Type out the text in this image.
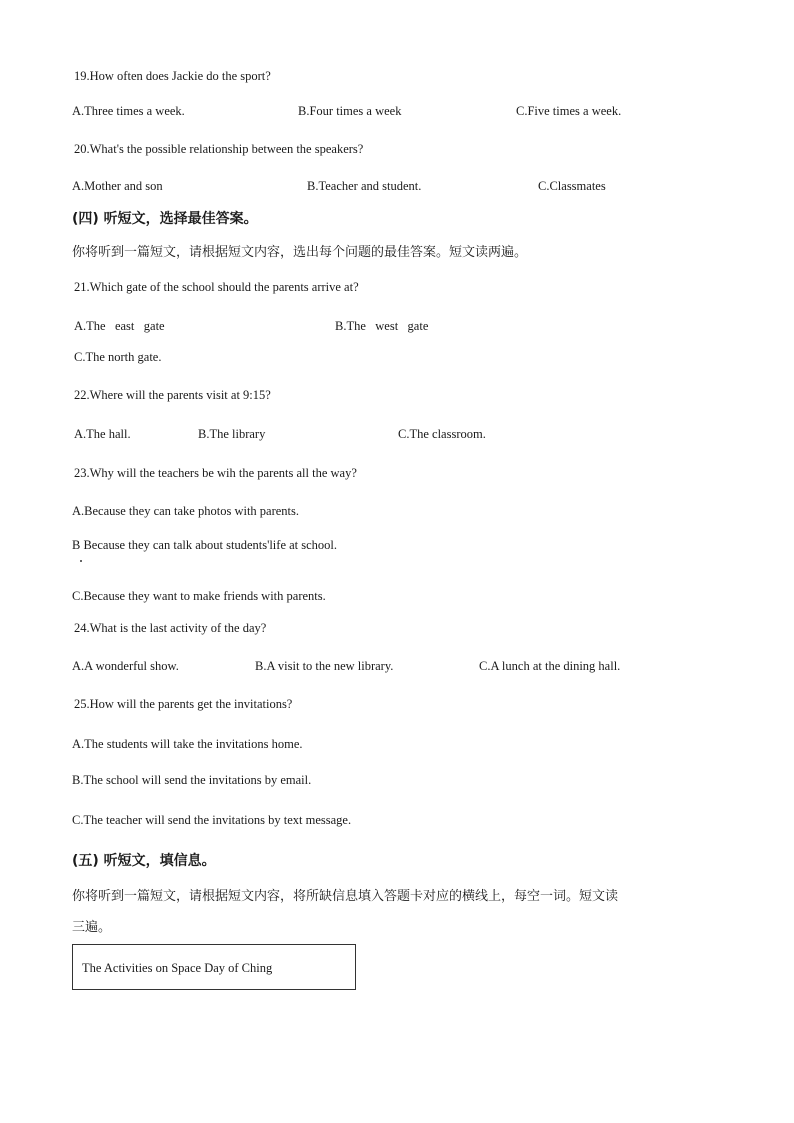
19.How often does Jackie do the sport?
A.Three times a week.	B.Four times a week	C.Five times a week.
20.What's the possible relationship between the speakers?
A.Mother and son	B.Teacher and student.	C.Classmates
(四) 听短文，选择最佳答案。
你将听到一篇短文，请根据短文内容，选出每个问题的最佳答案。短文读两遍。
21.Which gate of the school should the parents arrive at?
A.The   east   gate	B.The   west   gate
C.The north gate.
22.Where will the parents visit at 9:15?
A.The hall.	B.The library	C.The classroom.
23.Why will the teachers be wih the parents all the way?
A.Because they can take photos with parents.
B Because they can talk about students'life at school.
C.Because they want to make friends with parents.
24.What is the last activity of the day?
A.A wonderful show.	B.A visit to the new library.	C.A lunch at the dining hall.
25.How will the parents get the invitations?
A.The students will take the invitations home.
B.The school will send the invitations by email.
C.The teacher will send the invitations by text message.
(五) 听短文，填信息。
你将听到一篇短文，请根据短文内容，将所缺信息填入答题卡对应的横线上，每空一词。短文读
三遍。
The Activities on Space Day of Ching
